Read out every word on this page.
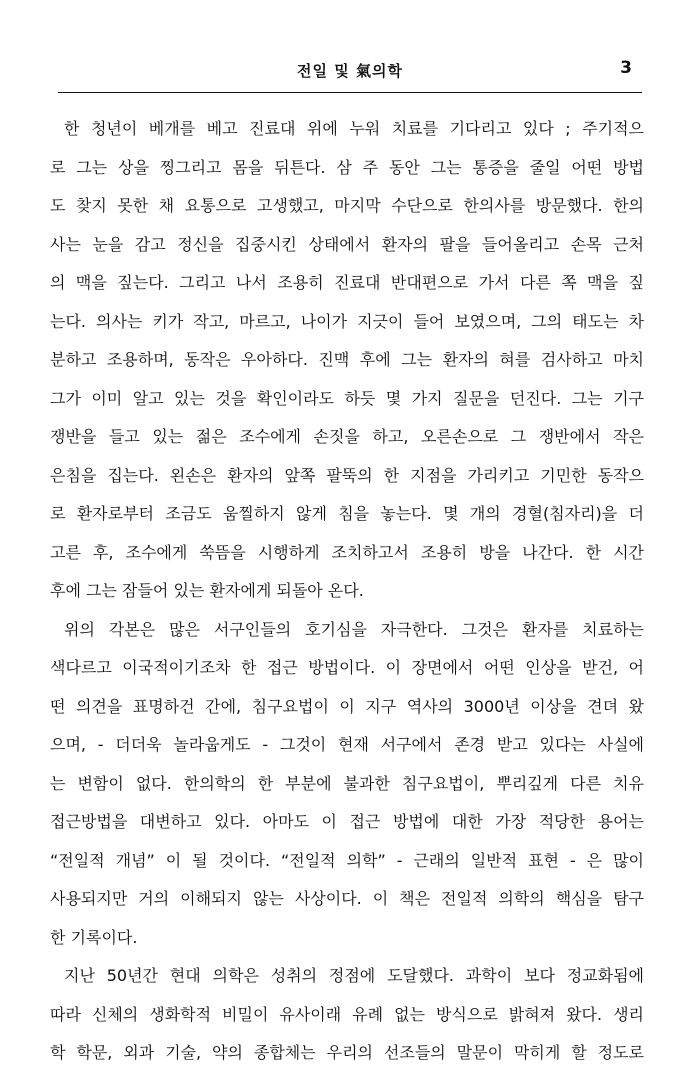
전일 및 氣의학	3
한 청년이 베개를 베고 진료대 위에 누워 치료를 기다리고 있다 ; 주기적으
로 그는 상을 찡그리고 몸을 뒤튼다. 삼 주 동안 그는 통증을 줄일 어떤 방법
도 찾지 못한 채 요통으로 고생했고, 마지막 수단으로 한의사를 방문했다. 한의
사는 눈을 감고 정신을 집중시킨 상태에서 환자의 팔을 들어올리고 손목 근처
의 맥을 짚는다. 그리고 나서 조용히 진료대 반대편으로 가서 다른 쪽 맥을 짚
는다. 의사는 키가 작고, 마르고, 나이가 지긋이 들어 보였으며, 그의 태도는 차
분하고 조용하며, 동작은 우아하다. 진맥 후에 그는 환자의 혀를 검사하고 마치
그가 이미 알고 있는 것을 확인이라도 하듯 몇 가지 질문을 던진다. 그는 기구
쟁반을 들고 있는 젊은 조수에게 손짓을 하고, 오른손으로 그 쟁반에서 작은
은침을 집는다. 왼손은 환자의 앞쪽 팔뚝의 한 지점을 가리키고 기민한 동작으
로 환자로부터 조금도 움찔하지 않게 침을 놓는다. 몇 개의 경혈(침자리)을 더
고른 후, 조수에게 쑥뜸을 시행하게 조치하고서 조용히 방을 나간다. 한 시간
후에 그는 잠들어 있는 환자에게 되돌아 온다.
위의 각본은 많은 서구인들의 호기심을 자극한다. 그것은 환자를 치료하는
색다르고 이국적이기조차 한 접근 방법이다. 이 장면에서 어떤 인상을 받건, 어
떤 의견을 표명하건 간에, 침구요법이 이 지구 역사의 3000년 이상을 견뎌 왔
으며, - 더더욱 놀라웁게도 - 그것이 현재 서구에서 존경 받고 있다는 사실에
는 변함이 없다. 한의학의 한 부분에 불과한 침구요법이, 뿌리깊게 다른 치유
접근방법을 대변하고 있다. 아마도 이 접근 방법에 대한 가장 적당한 용어는
“전일적 개념” 이 될 것이다. “전일적 의학” - 근래의 일반적 표현 - 은 많이
사용되지만 거의 이해되지 않는 사상이다. 이 책은 전일적 의학의 핵심을 탐구
한 기록이다.
지난 50년간 현대 의학은 성취의 정점에 도달했다. 과학이 보다 정교화됨에
따라 신체의 생화학적 비밀이 유사이래 유례 없는 방식으로 밝혀져 왔다. 생리
학 학문, 외과 기술, 약의 종합체는 우리의 선조들의 말문이 막히게 할 정도로
